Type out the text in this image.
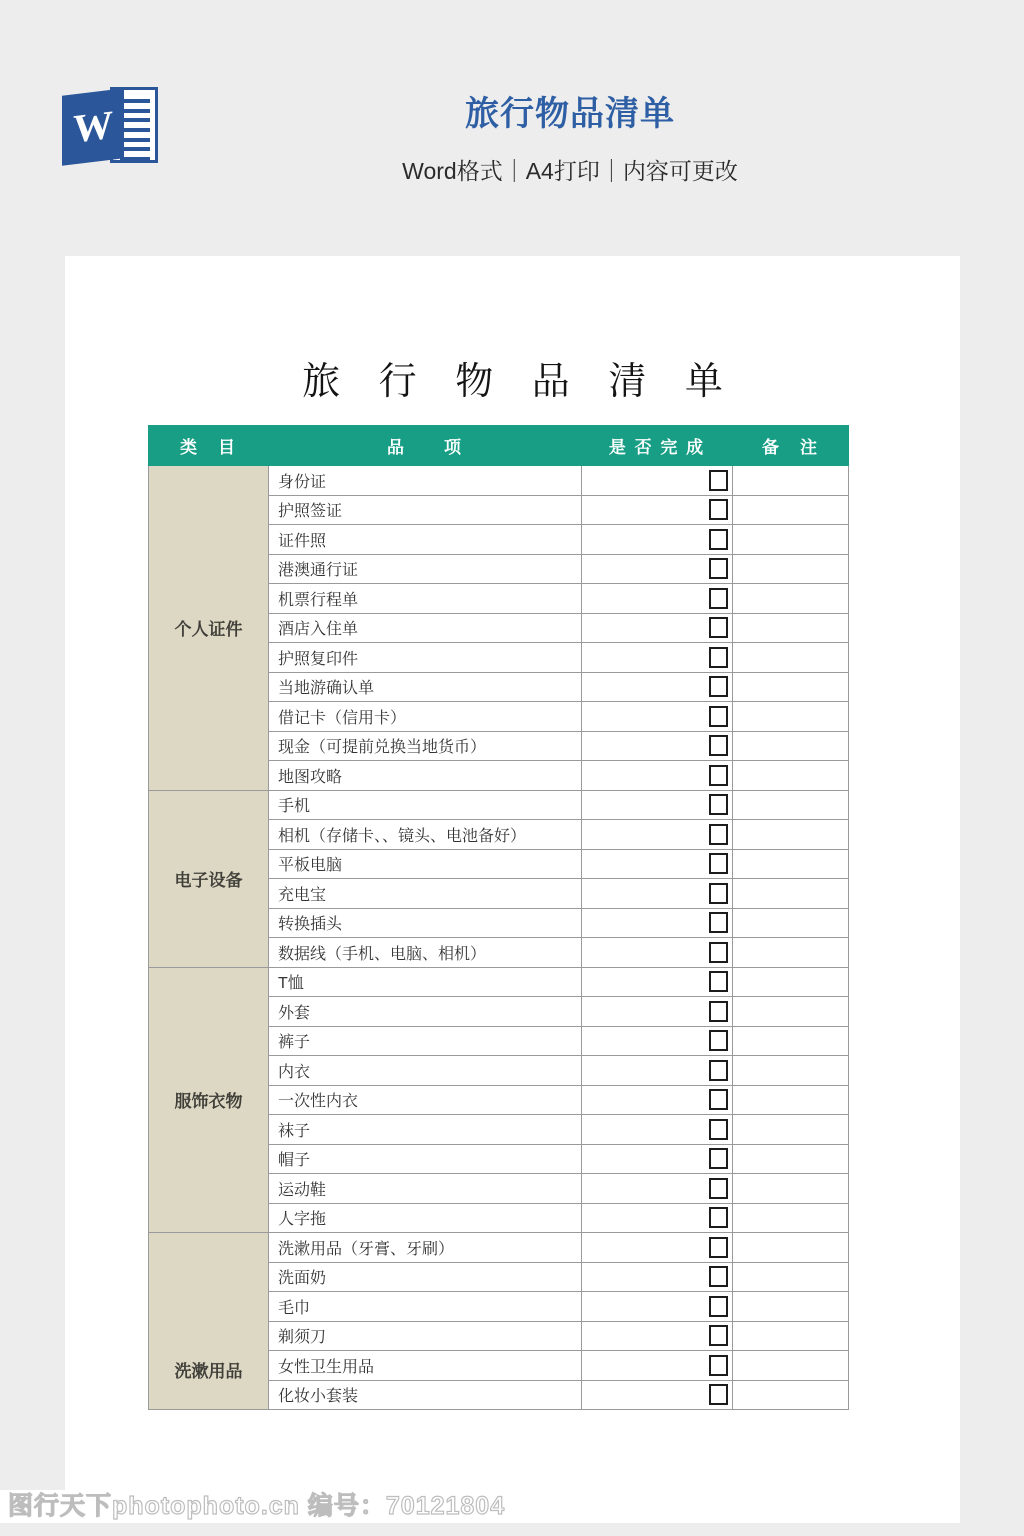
W	旅行物品清单
Word格式｜A4打印｜内容可更改
旅 行 物 品 清 单
类　目	品　　项	是 否 完 成	备　注
个人证件	身份证		
	护照签证		
	证件照		
	港澳通行证		
	机票行程单		
	酒店入住单		
	护照复印件		
	当地游确认单		
	借记卡（信用卡）		
	现金（可提前兑换当地货币）		
	地图攻略		
电子设备	手机		
	相机（存储卡、、镜头、电池备好）		
	平板电脑		
	充电宝		
	转换插头		
	数据线（手机、电脑、相机）		
服饰衣物	T恤		
	外套		
	裤子		
	内衣		
	一次性内衣		
	袜子		
	帽子		
	运动鞋		
	人字拖		
洗漱用品	洗漱用品（牙膏、牙刷）		
	洗面奶		
	毛巾		
	剃须刀		
	女性卫生用品		
	化妆小套装		
图行天下photophoto.cn 编号：70121804
